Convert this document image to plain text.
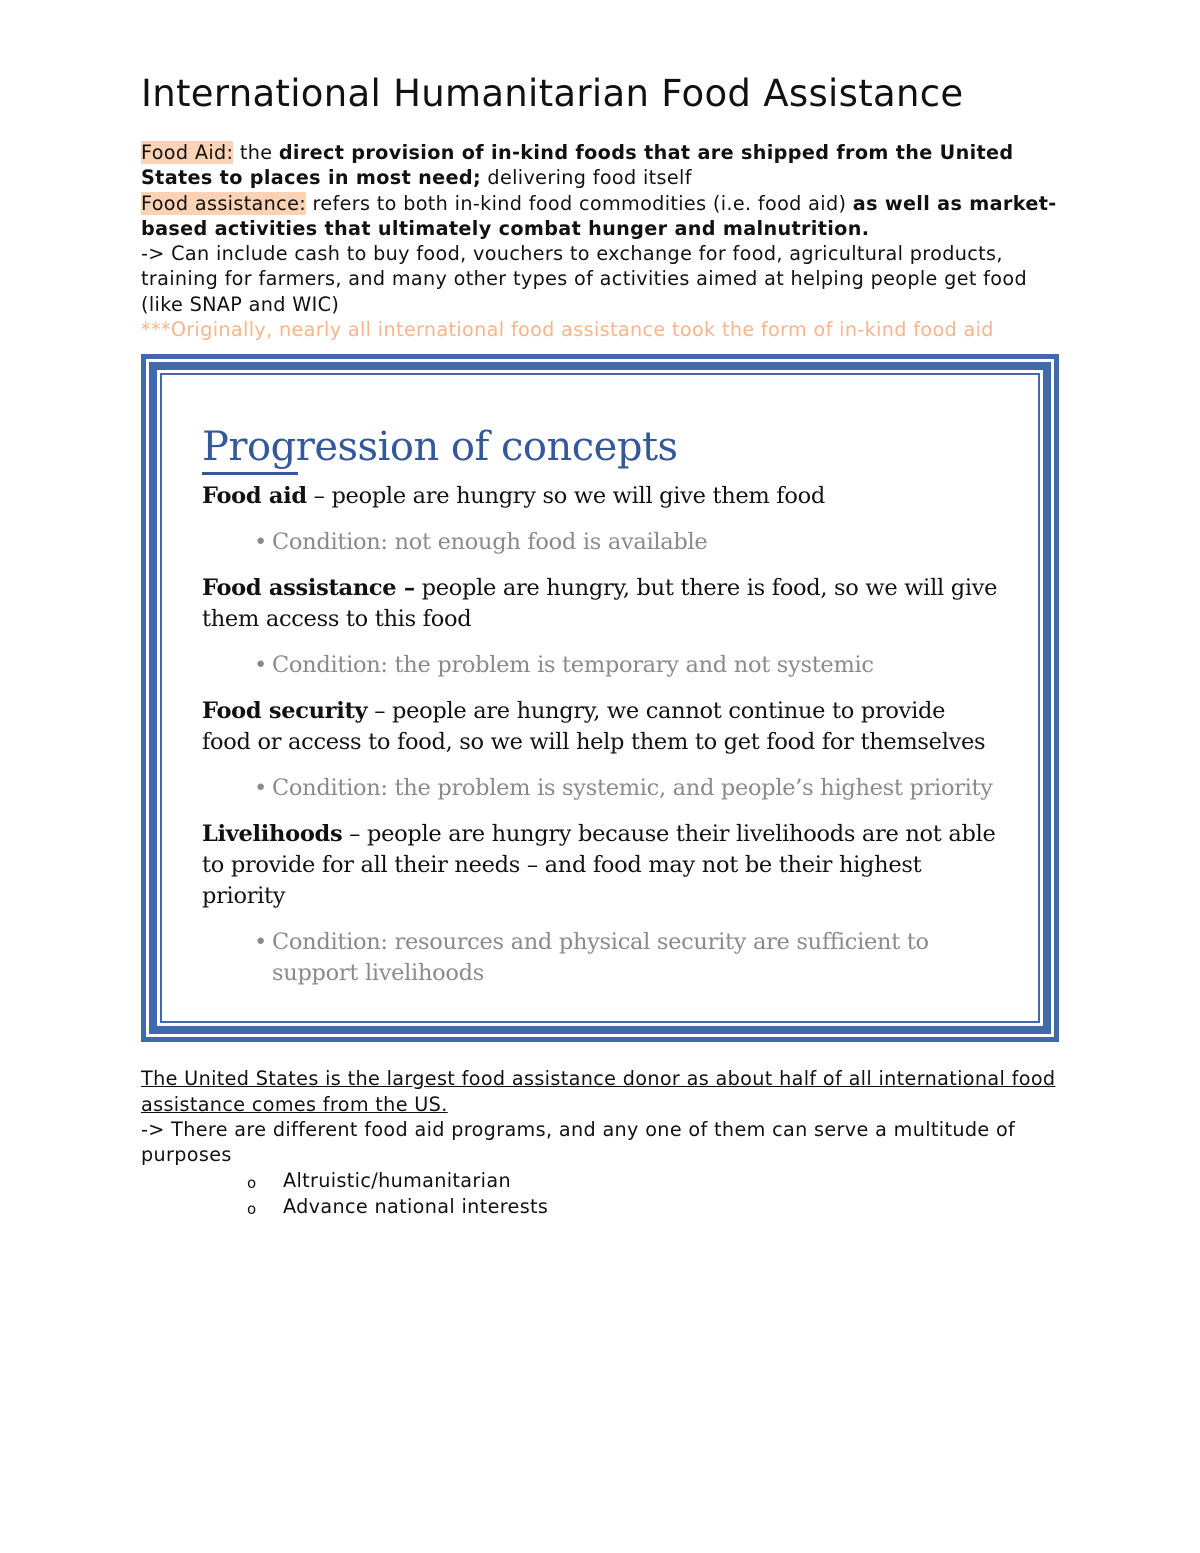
International Humanitarian Food Assistance

Food Aid: the direct provision of in-kind foods that are shipped from the United States to places in most need; delivering food itself

Food assistance: refers to both in-kind food commodities (i.e. food aid) as well as market-based activities that ultimately combat hunger and malnutrition.

-> Can include cash to buy food, vouchers to exchange for food, agricultural products, training for farmers, and many other types of activities aimed at helping people get food (like SNAP and WIC)

***Originally, nearly all international food assistance took the form of in-kind food aid

Progression of concepts

Food aid – people are hungry so we will give them food

• Condition: not enough food is available

Food assistance – people are hungry, but there is food, so we will give them access to this food

• Condition: the problem is temporary and not systemic

Food security – people are hungry, we cannot continue to provide food or access to food, so we will help them to get food for themselves

• Condition: the problem is systemic, and people’s highest priority

Livelihoods – people are hungry because their livelihoods are not able to provide for all their needs – and food may not be their highest priority

• Condition: resources and physical security are sufficient to support livelihoods

The United States is the largest food assistance donor as about half of all international food assistance comes from the US.

-> There are different food aid programs, and any one of them can serve a multitude of purposes

o Altruistic/humanitarian
o Advance national interests
